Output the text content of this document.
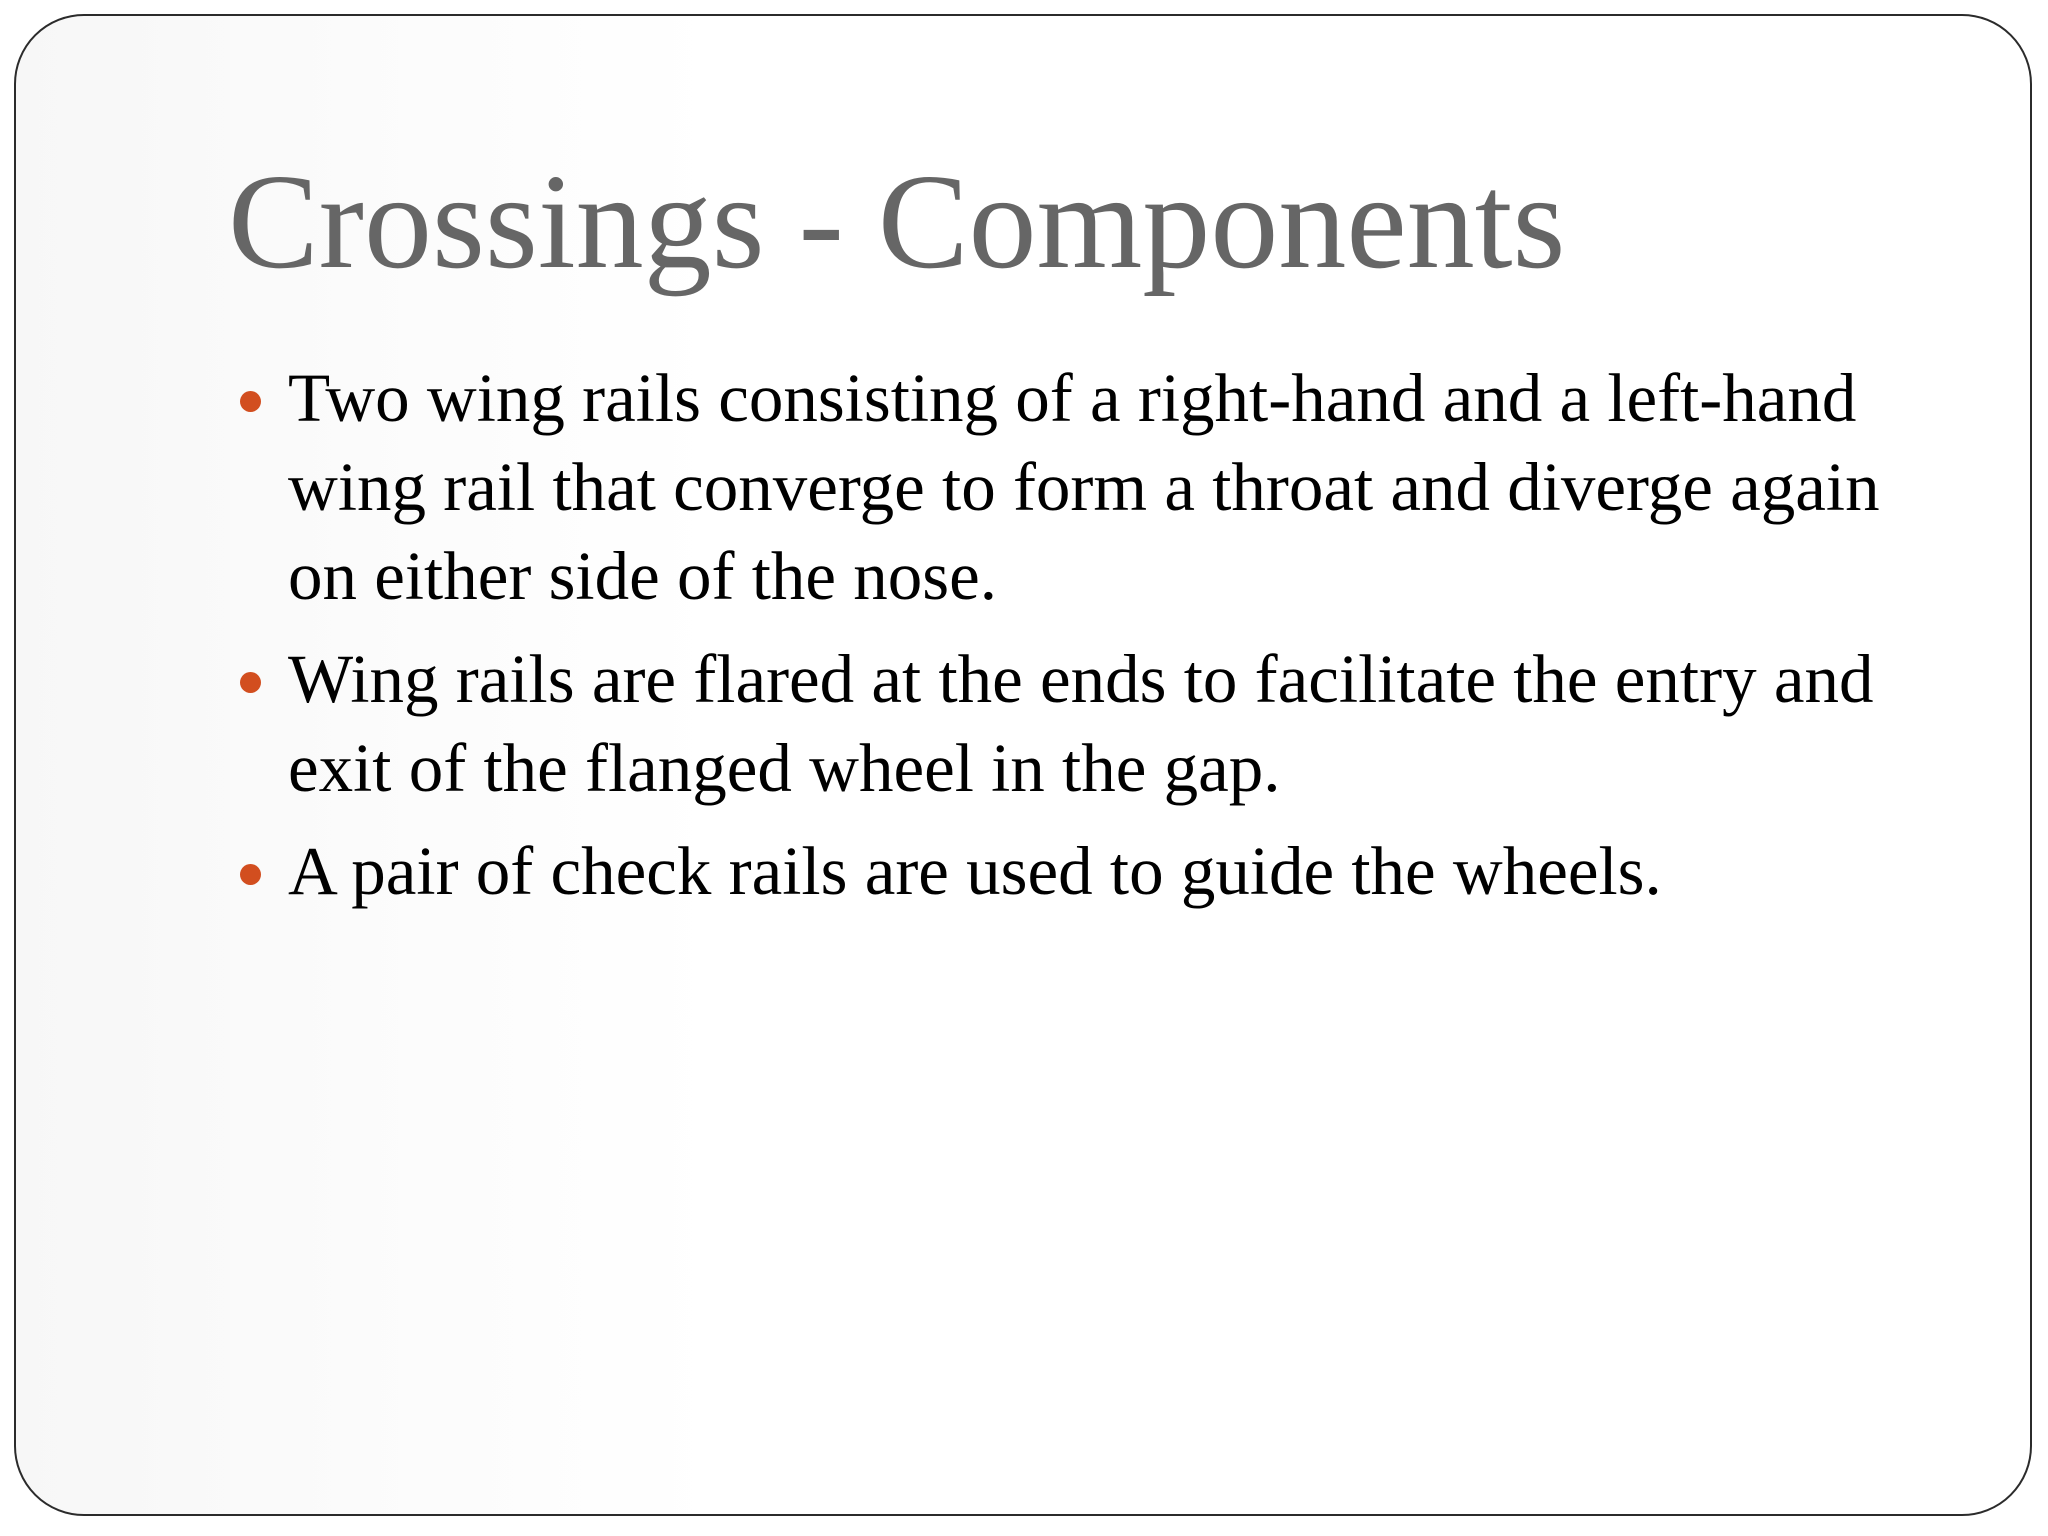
Crossings - Components
Two wing rails consisting of a right-hand and a left-hand wing rail that converge to form a throat and diverge again on either side of the nose.
Wing rails are flared at the ends to facilitate the entry and exit of the flanged wheel in the gap.
A pair of check rails are used to guide the wheels.
